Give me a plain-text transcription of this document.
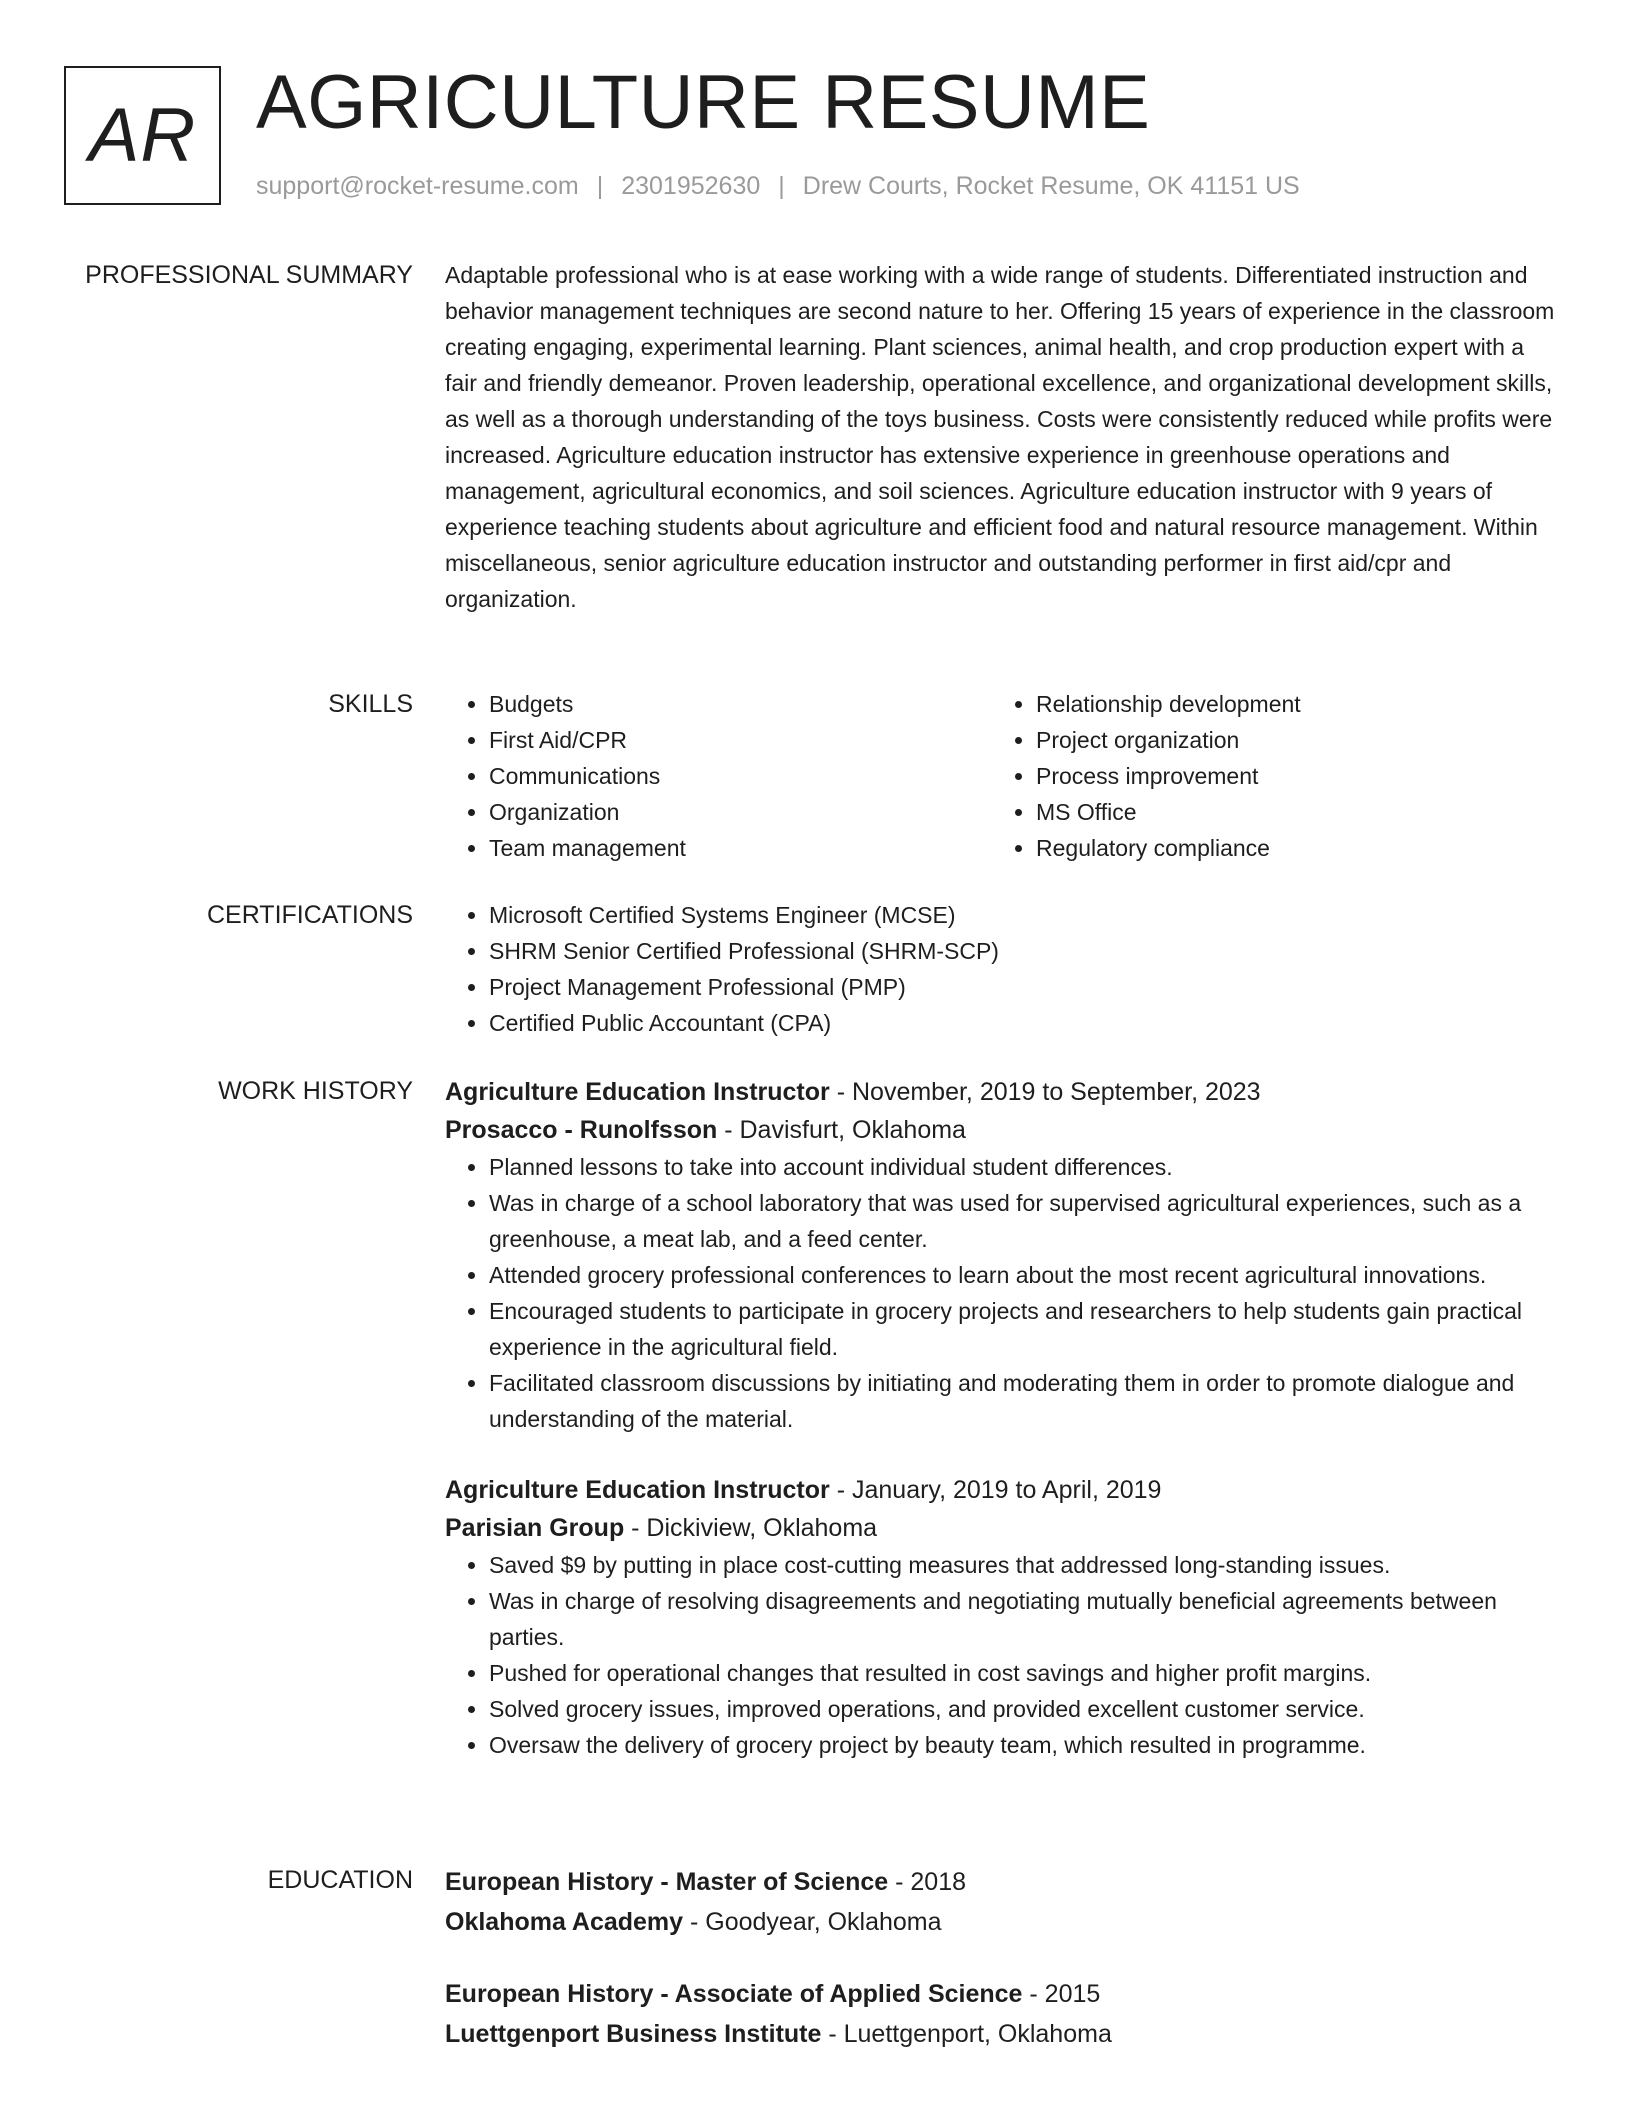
AR AGRICULTURE RESUME
support@rocket-resume.com | 2301952630 | Drew Courts, Rocket Resume, OK 41151 US
PROFESSIONAL SUMMARY Adaptable professional who is at ease working with a wide range of students. Differentiated instruction and behavior management techniques are second nature to her. Offering 15 years of experience in the classroom creating engaging, experimental learning. Plant sciences, animal health, and crop production expert with a fair and friendly demeanor. Proven leadership, operational excellence, and organizational development skills, as well as a thorough understanding of the toys business. Costs were consistently reduced while profits were increased. Agriculture education instructor has extensive experience in greenhouse operations and management, agricultural economics, and soil sciences. Agriculture education instructor with 9 years of experience teaching students about agriculture and efficient food and natural resource management. Within miscellaneous, senior agriculture education instructor and outstanding performer in first aid/cpr and organization.

SKILLS	• Budgets
• First Aid/CPR
• Communications
• Organization
• Team management
• Relationship development
• Project organization
• Process improvement
• MS Office
• Regulatory compliance
CERTIFICATIONS	• Microsoft Certified Systems Engineer (MCSE)
• SHRM Senior Certified Professional (SHRM-SCP)
• Project Management Professional (PMP)
• Certified Public Accountant (CPA)
WORK HISTORY Agriculture Education Instructor - November, 2019 to September, 2023
Prosacco - Runolfsson - Davisfurt, Oklahoma
• Planned lessons to take into account individual student differences.
• Was in charge of a school laboratory that was used for supervised agricultural experiences, such as a greenhouse, a meat lab, and a feed center.
• Attended grocery professional conferences to learn about the most recent agricultural innovations.
• Encouraged students to participate in grocery projects and researchers to help students gain practical experience in the agricultural field.
• Facilitated classroom discussions by initiating and moderating them in order to promote dialogue and understanding of the material.
Agriculture Education Instructor - January, 2019 to April, 2019
Parisian Group - Dickiview, Oklahoma
• Saved $9 by putting in place cost-cutting measures that addressed long-standing issues.
• Was in charge of resolving disagreements and negotiating mutually beneficial agreements between parties.
• Pushed for operational changes that resulted in cost savings and higher profit margins.
• Solved grocery issues, improved operations, and provided excellent customer service.
• Oversaw the delivery of grocery project by beauty team, which resulted in programme.
EDUCATION European History - Master of Science - 2018
Oklahoma Academy - Goodyear, Oklahoma
European History - Associate of Applied Science - 2015
Luettgenport Business Institute - Luettgenport, Oklahoma
